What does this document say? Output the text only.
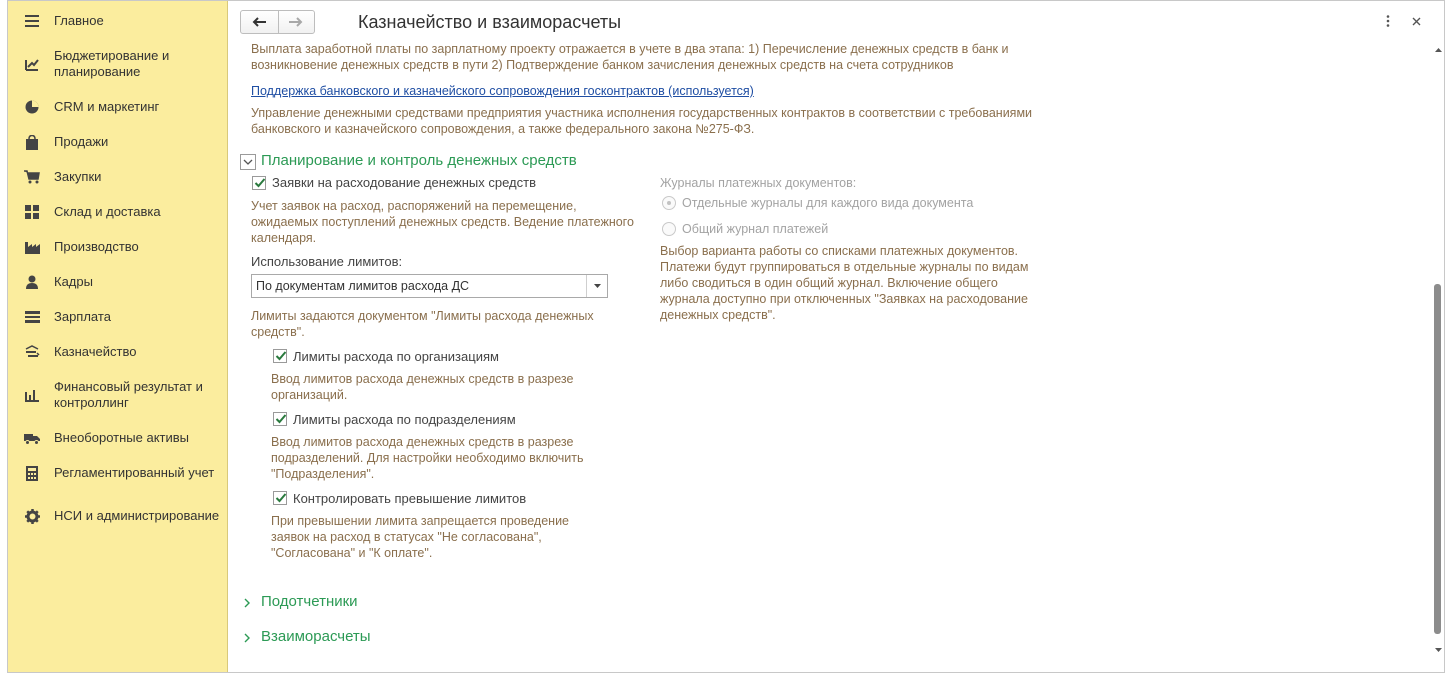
Главное
Бюджетирование и планирование
CRM и маркетинг
Продажи
Закупки
Склад и доставка
Производство
Кадры
Зарплата
Казначейство
Финансовый результат и контроллинг
Внеоборотные активы
Регламентированный учет
НСИ и администрирование
Казначейство и взаиморасчеты
Выплата заработной платы по зарплатному проекту отражается в учете в два этапа: 1) Перечисление денежных средств в банк и
возникновение денежных средств в пути 2) Подтверждение банком зачисления денежных средств на счета сотрудников
Поддержка банковского и казначейского сопровождения госконтрактов (используется)
Управление денежными средствами предприятия участника исполнения государственных контрактов в соответствии с требованиями
банковского и казначейского сопровождения, а также федерального закона №275-ФЗ.
Планирование и контроль денежных средств
Заявки на расходование денежных средств
Учет заявок на расход, распоряжений на перемещение,
ожидаемых поступлений денежных средств. Ведение платежного
календаря.
Использование лимитов:
По документам лимитов расхода ДС
Лимиты задаются документом "Лимиты расхода денежных
средств".
Лимиты расхода по организациям
Ввод лимитов расхода денежных средств в разрезе
организаций.
Лимиты расхода по подразделениям
Ввод лимитов расхода денежных средств в разрезе
подразделений. Для настройки необходимо включить
"Подразделения".
Контролировать превышение лимитов
При превышении лимита запрещается проведение
заявок на расход в статусах "Не согласована",
"Согласована" и "К оплате".
Журналы платежных документов:
Отдельные журналы для каждого вида документа
Общий журнал платежей
Выбор варианта работы со списками платежных документов.
Платежи будут группироваться в отдельные журналы по видам
либо сводиться в один общий журнал. Включение общего
журнала доступно при отключенных "Заявках на расходование
денежных средств".
Подотчетники
Взаиморасчеты
